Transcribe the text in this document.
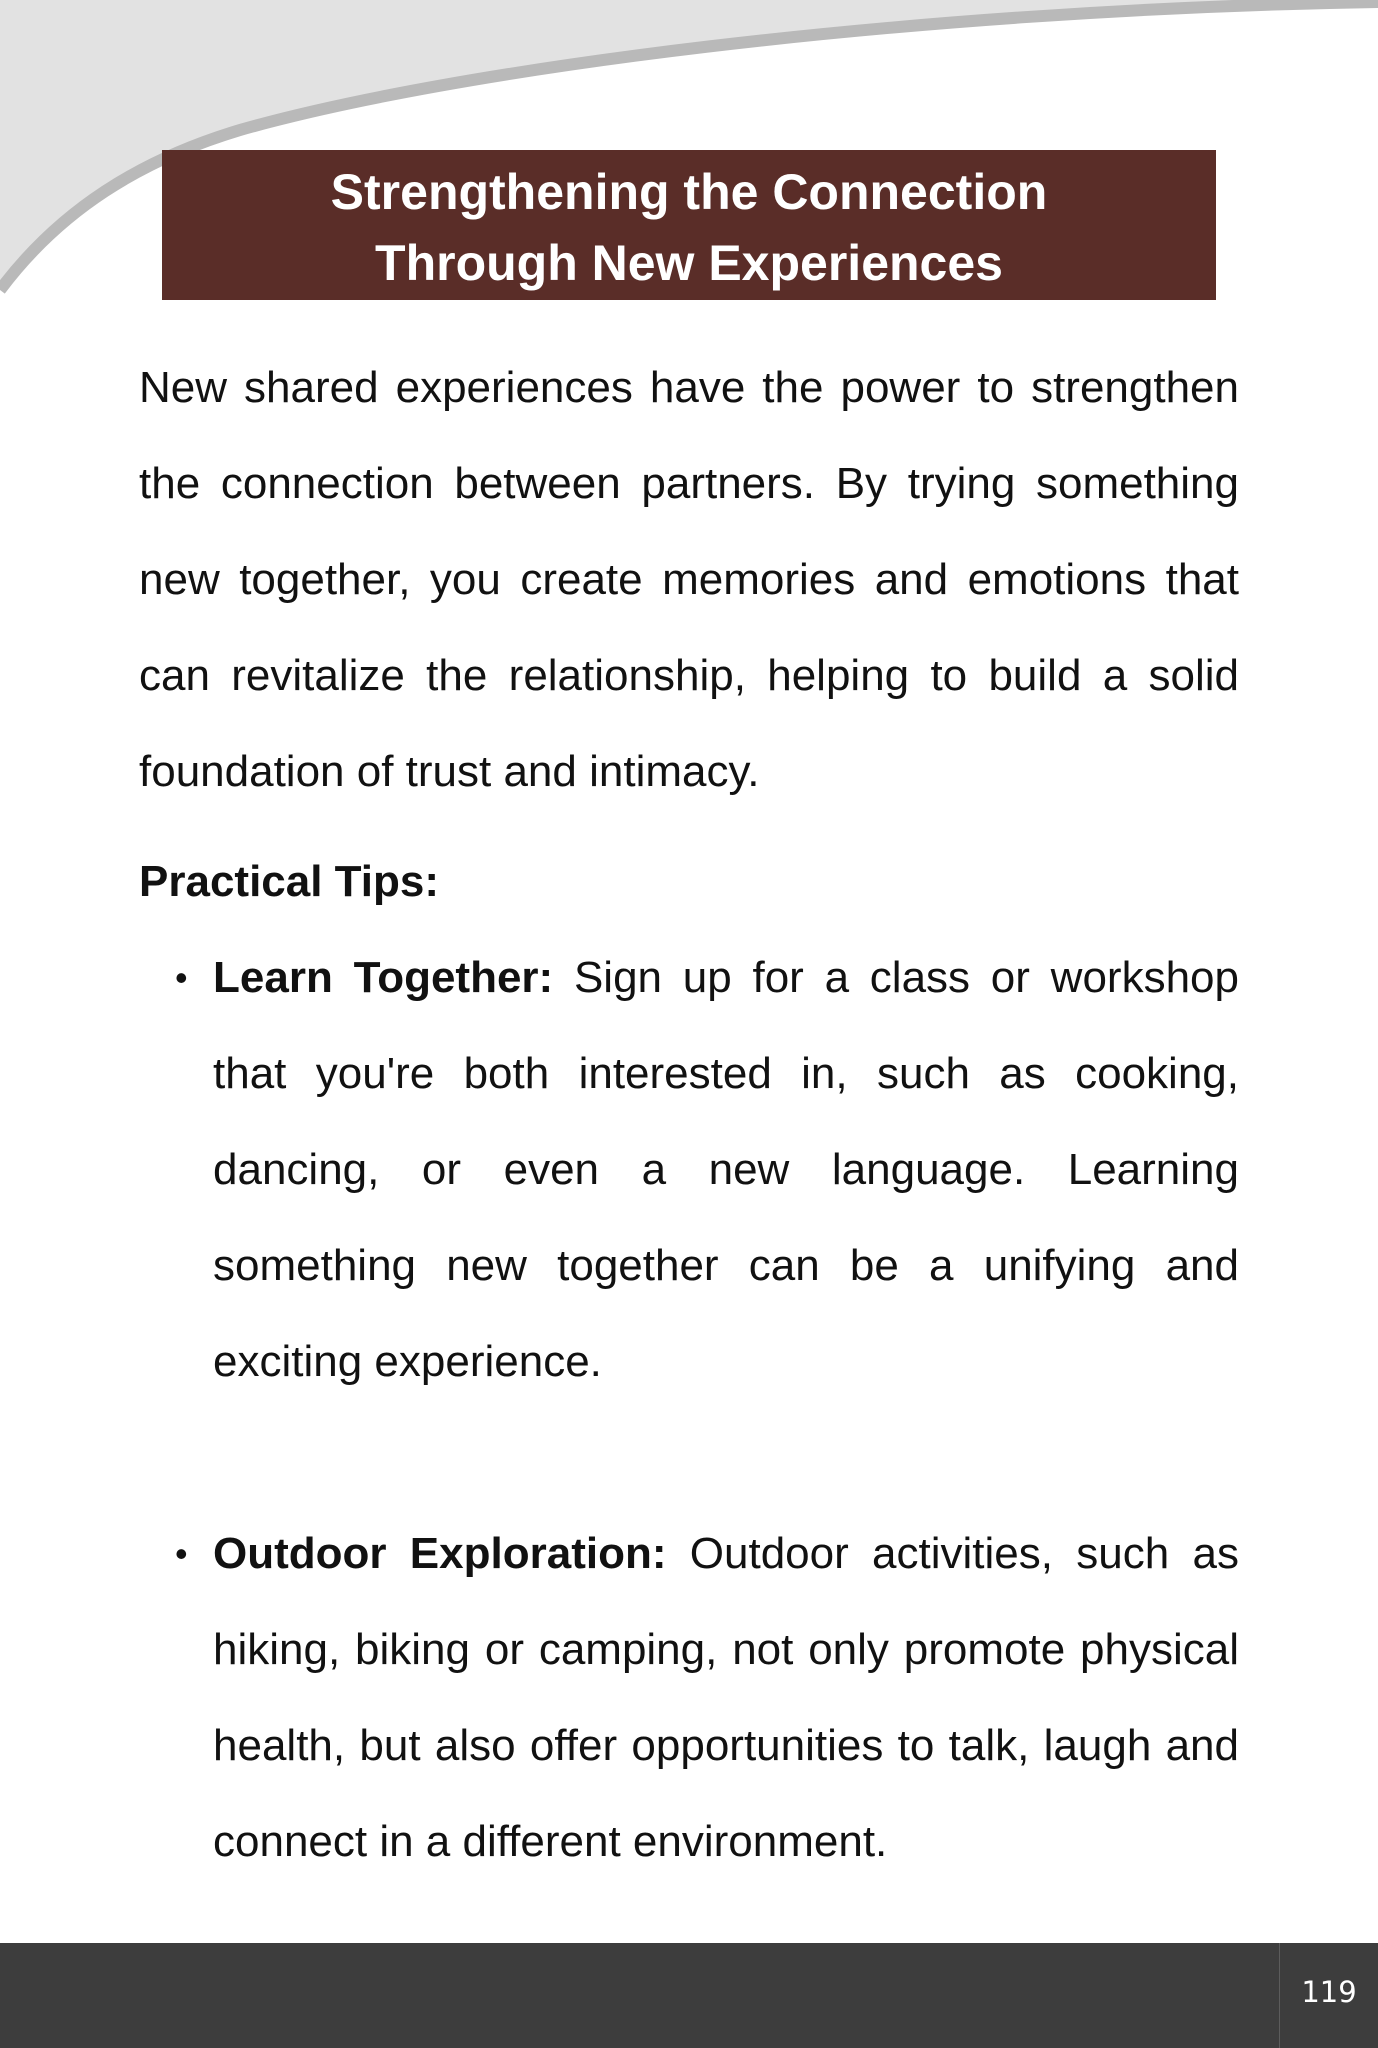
Strengthening the Connection
Through New Experiences

New shared experiences have the power to strengthen the connection between partners. By trying something new together, you create memories and emotions that can revitalize the relationship, helping to build a solid foundation of trust and intimacy.

Practical Tips:
• Learn Together: Sign up for a class or workshop that you're both interested in, such as cooking, dancing, or even a new language. Learning something new together can be a unifying and exciting experience.
• Outdoor Exploration: Outdoor activities, such as hiking, biking or camping, not only promote physical health, but also offer opportunities to talk, laugh and connect in a different environment.
119
